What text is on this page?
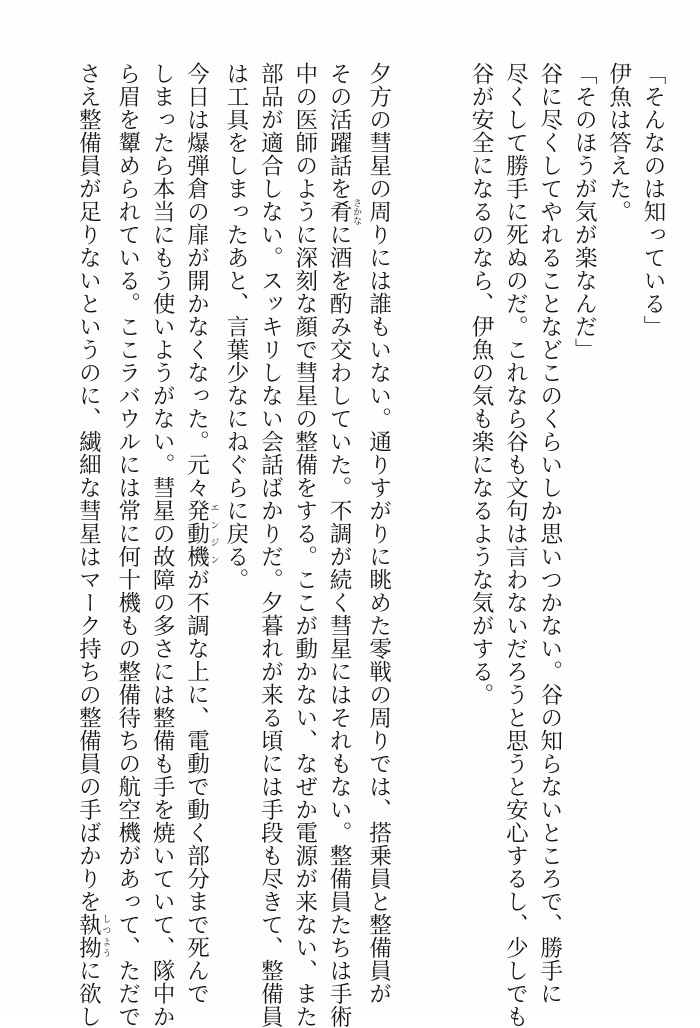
「そんなのは知っている」
伊魚は答えた。
「そのほうが気が楽なんだ」
谷に尽くしてやれることなどこのくらいしか思いつかない。谷の知らないところで、勝手に
尽くして勝手に死ぬのだ。これなら谷も文句は言わないだろうと思うと安心するし、少しでも
谷が安全になるのなら、伊魚の気も楽になるような気がする。
夕方の彗星の周りには誰もいない。通りすがりに眺めた零戦の周りでは、搭乗員と整備員が
その活躍話を肴 さかなに酒を酌み交わしていた。不調が続く彗星にはそれもない。整備員たちは手術
中の医師のように深刻な顔で彗星の整備をする。ここが動かない、なぜか電源が来ない、また
部品が適合しない。スッキリしない会話ばかりだ。夕暮れが来る頃には手段も尽きて、整備員
は工具をしまったあと、言葉少なにねぐらに戻る。
今日は爆弾倉の扉が開かなくなった。元々発動機 エンジンが不調な上に、電動で動く部分まで死んで
しまったら本当にもう使いようがない。彗星の故障の多さには整備も手を焼いていて、隊中か
ら眉を顰められている。ここラバウルには常に何十機もの整備待ちの航空機があって、ただで
さえ整備員が足りないというのに、繊細な彗星はマーク持ちの整備員の手ばかりを執拗 しつように欲し
